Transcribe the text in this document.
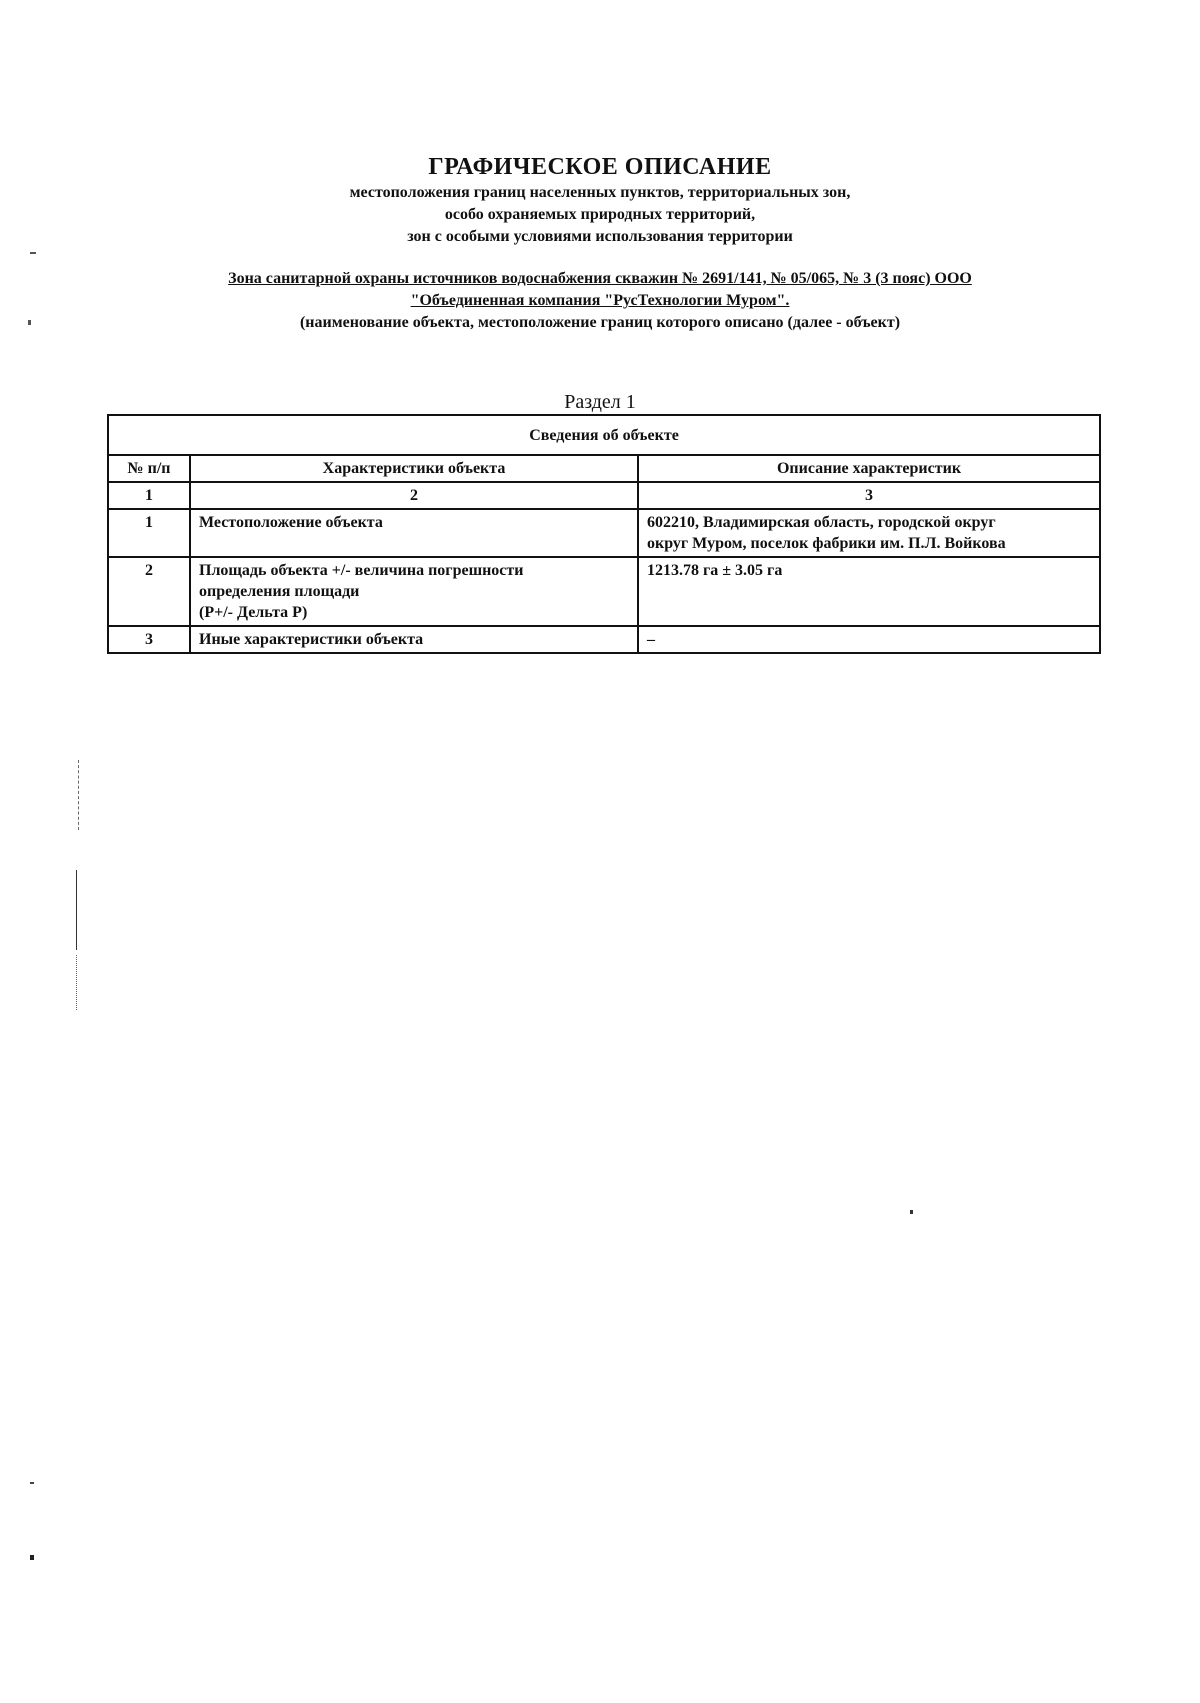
ГРАФИЧЕСКОЕ ОПИСАНИЕ
местоположения границ населенных пунктов, территориальных зон,
особо охраняемых природных территорий,
зон с особыми условиями использования территории
Зона санитарной охраны источников водоснабжения скважин № 2691/141, № 05/065, № 3 (3 пояс) ООО
"Объединенная компания "РусТехнологии Муром".
(наименование объекта, местоположение границ которого описано (далее - объект)
Раздел 1
Сведения об объекте		
№ п/п	Характеристики объекта	Описание характеристик
1	2	3
1	Местоположение объекта	602210, Владимирская область, городской округ
округ Муром, поселок фабрики им. П.Л. Войкова

2	Площадь объекта +/- величина погрешности
определения площади
(P+/- Дельта P)	1213.78 га ± 3.05 га
3	Иные характеристики объекта	–
